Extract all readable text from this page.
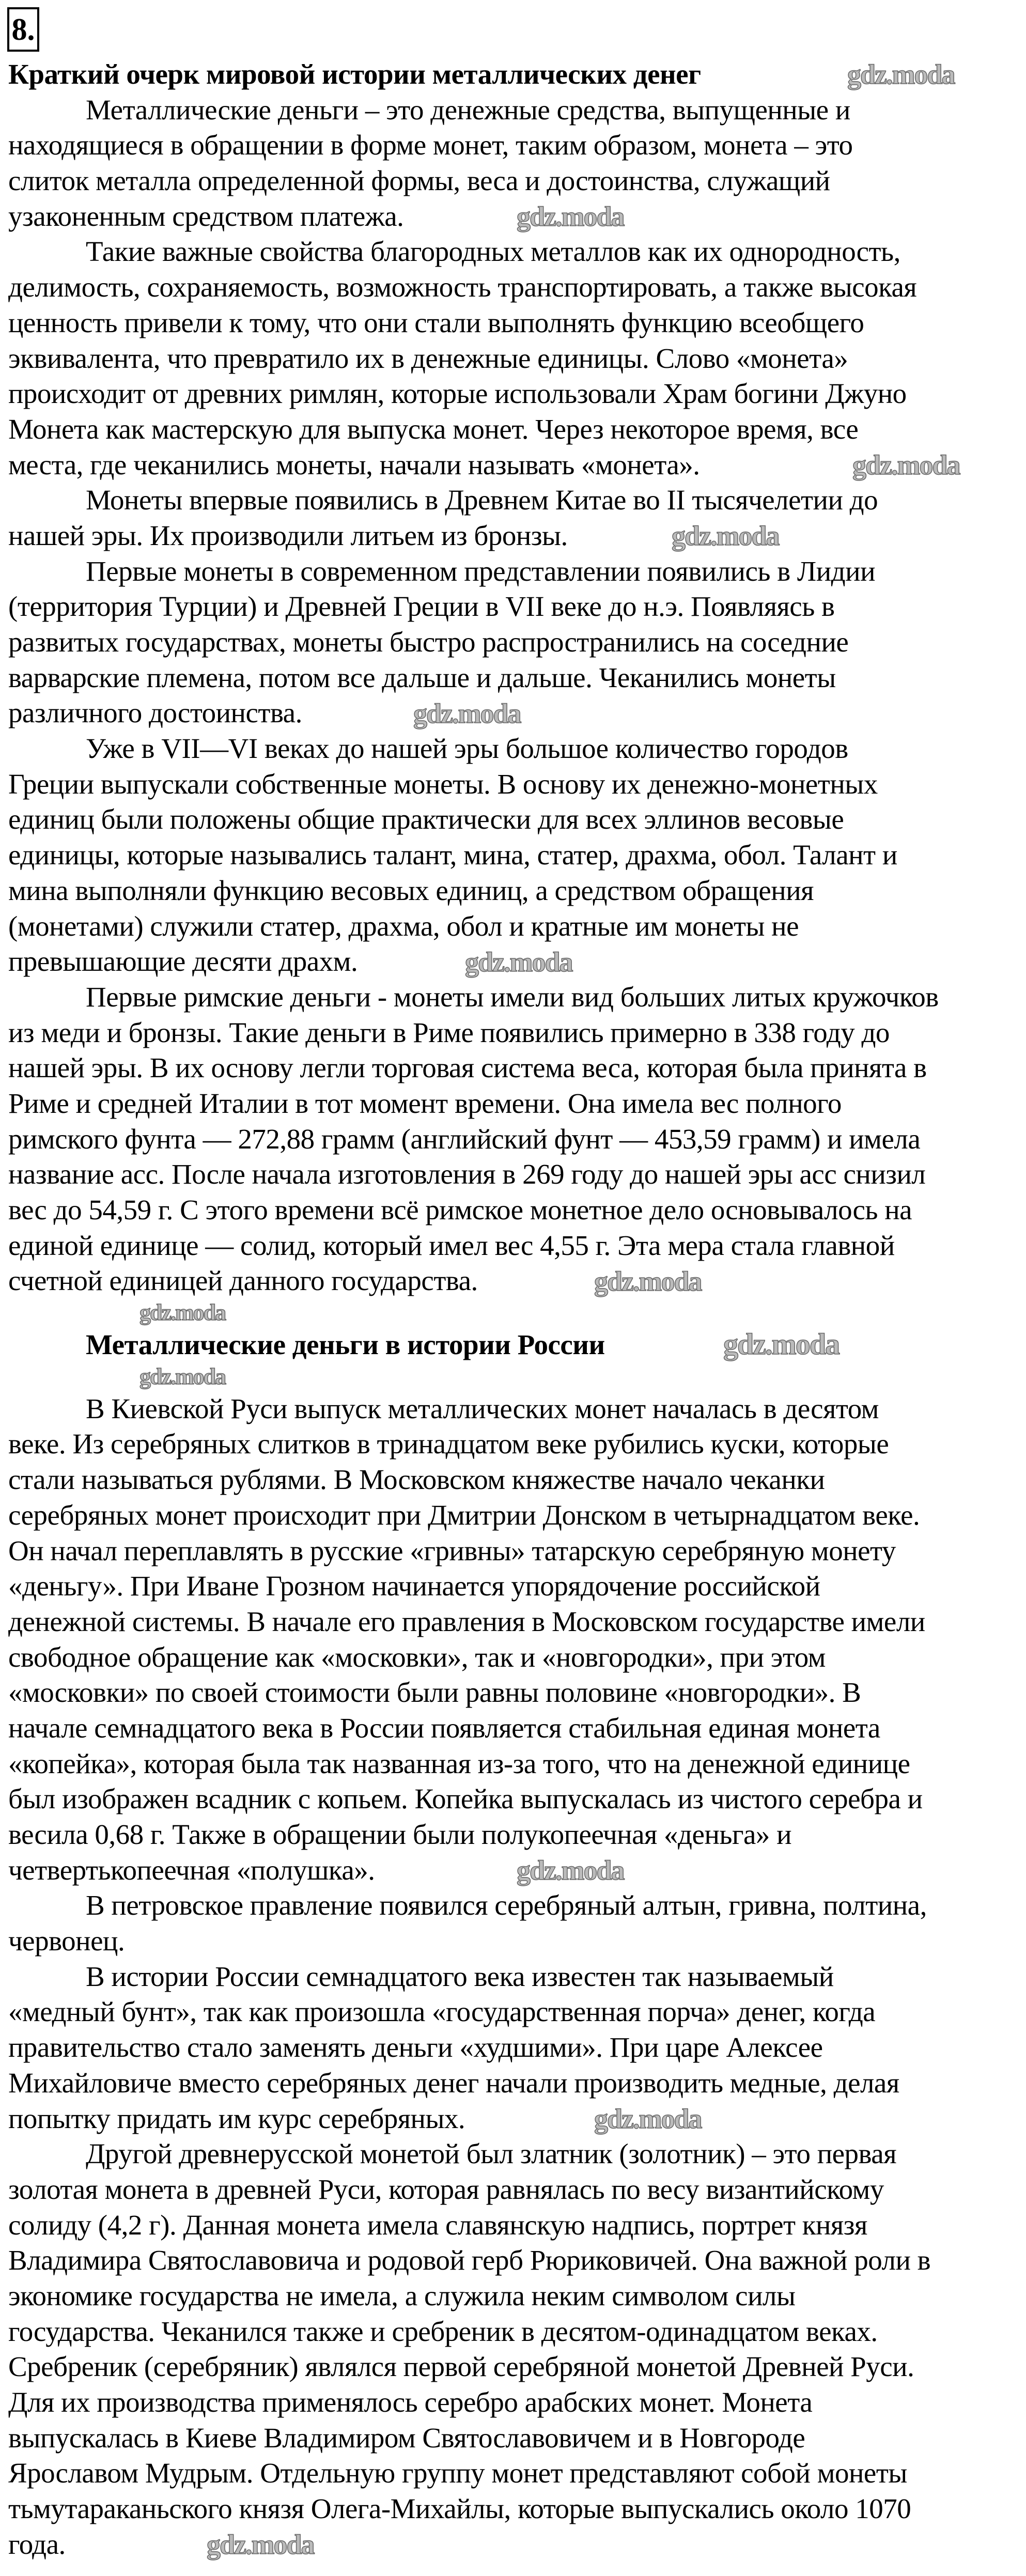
8.
Краткий очерк мировой истории металлических денег
Металлические деньги – это денежные средства, выпущенные и
находящиеся в обращении в форме монет, таким образом, монета – это
слиток металла определенной формы, веса и достоинства, служащий
узаконенным средством платежа.
Такие важные свойства благородных металлов как их однородность,
делимость, сохраняемость, возможность транспортировать, а также высокая
ценность привели к тому, что они стали выполнять функцию всеобщего
эквивалента, что превратило их в денежные единицы. Слово «монета»
происходит от древних римлян, которые использовали Храм богини Джуно
Монета как мастерскую для выпуска монет. Через некоторое время, все
места, где чеканились монеты, начали называть «монета».
Монеты впервые появились в Древнем Китае во II тысячелетии до
нашей эры. Их производили литьем из бронзы.
Первые монеты в современном представлении появились в Лидии
(территория Турции) и Древней Греции в VII веке до н.э. Появляясь в
развитых государствах, монеты быстро распространились на соседние
варварские племена, потом все дальше и дальше. Чеканились монеты
различного достоинства.
Уже в VII—VI веках до нашей эры большое количество городов
Греции выпускали собственные монеты. В основу их денежно-монетных
единиц были положены общие практически для всех эллинов весовые
единицы, которые назывались талант, мина, статер, драхма, обол. Талант и
мина выполняли функцию весовых единиц, а средством обращения
(монетами) служили статер, драхма, обол и кратные им монеты не
превышающие десяти драхм.
Первые римские деньги - монеты имели вид больших литых кружочков
из меди и бронзы. Такие деньги в Риме появились примерно в 338 году до
нашей эры. В их основу легли торговая система веса, которая была принята в
Риме и средней Италии в тот момент времени. Она имела вес полного
римского фунта — 272,88 грамм (английский фунт — 453,59 грамм) и имела
название асс. После начала изготовления в 269 году до нашей эры асс снизил
вес до 54,59 г. С этого времени всё римское монетное дело основывалось на
единой единице — солид, который имел вес 4,55 г. Эта мера стала главной
счетной единицей данного государства.
Металлические деньги в истории России
В Киевской Руси выпуск металлических монет началась в десятом
веке. Из серебряных слитков в тринадцатом веке рубились куски, которые
стали называться рублями. В Московском княжестве начало чеканки
серебряных монет происходит при Дмитрии Донском в четырнадцатом веке.
Он начал переплавлять в русские «гривны» татарскую серебряную монету
«деньгу». При Иване Грозном начинается упорядочение российской
денежной системы. В начале его правления в Московском государстве имели
свободное обращение как «московки», так и «новгородки», при этом
«московки» по своей стоимости были равны половине «новгородки». В
начале семнадцатого века в России появляется стабильная единая монета
«копейка», которая была так названная из-за того, что на денежной единице
был изображен всадник с копьем. Копейка выпускалась из чистого серебра и
весила 0,68 г. Также в обращении были полукопеечная «деньга» и
четвертькопеечная «полушка».
В петровское правление появился серебряный алтын, гривна, полтина,
червонец.
В истории России семнадцатого века известен так называемый
«медный бунт», так как произошла «государственная порча» денег, когда
правительство стало заменять деньги «худшими». При царе Алексее
Михайловиче вместо серебряных денег начали производить медные, делая
попытку придать им курс серебряных.
Другой древнерусской монетой был златник (золотник) – это первая
золотая монета в древней Руси, которая равнялась по весу византийскому
солиду (4,2 г). Данная монета имела славянскую надпись, портрет князя
Владимира Святославовича и родовой герб Рюриковичей. Она важной роли в
экономике государства не имела, а служила неким символом силы
государства. Чеканился также и сребреник в десятом-одинадцатом веках.
Сребреник (серебряник) являлся первой серебряной монетой Древней Руси.
Для их производства применялось серебро арабских монет. Монета
выпускалась в Киеве Владимиром Святославовичем и в Новгороде
Ярославом Мудрым. Отдельную группу монет представляют собой монеты
тьмутараканьского князя Олега-Михайлы, которые выпускались около 1070
года.
gdz.moda
gdz.moda
gdz.moda
gdz.moda
gdz.moda
gdz.moda
gdz.moda
gdz.moda
gdz.moda
gdz.moda
gdz.moda
gdz.moda
gdz.moda
